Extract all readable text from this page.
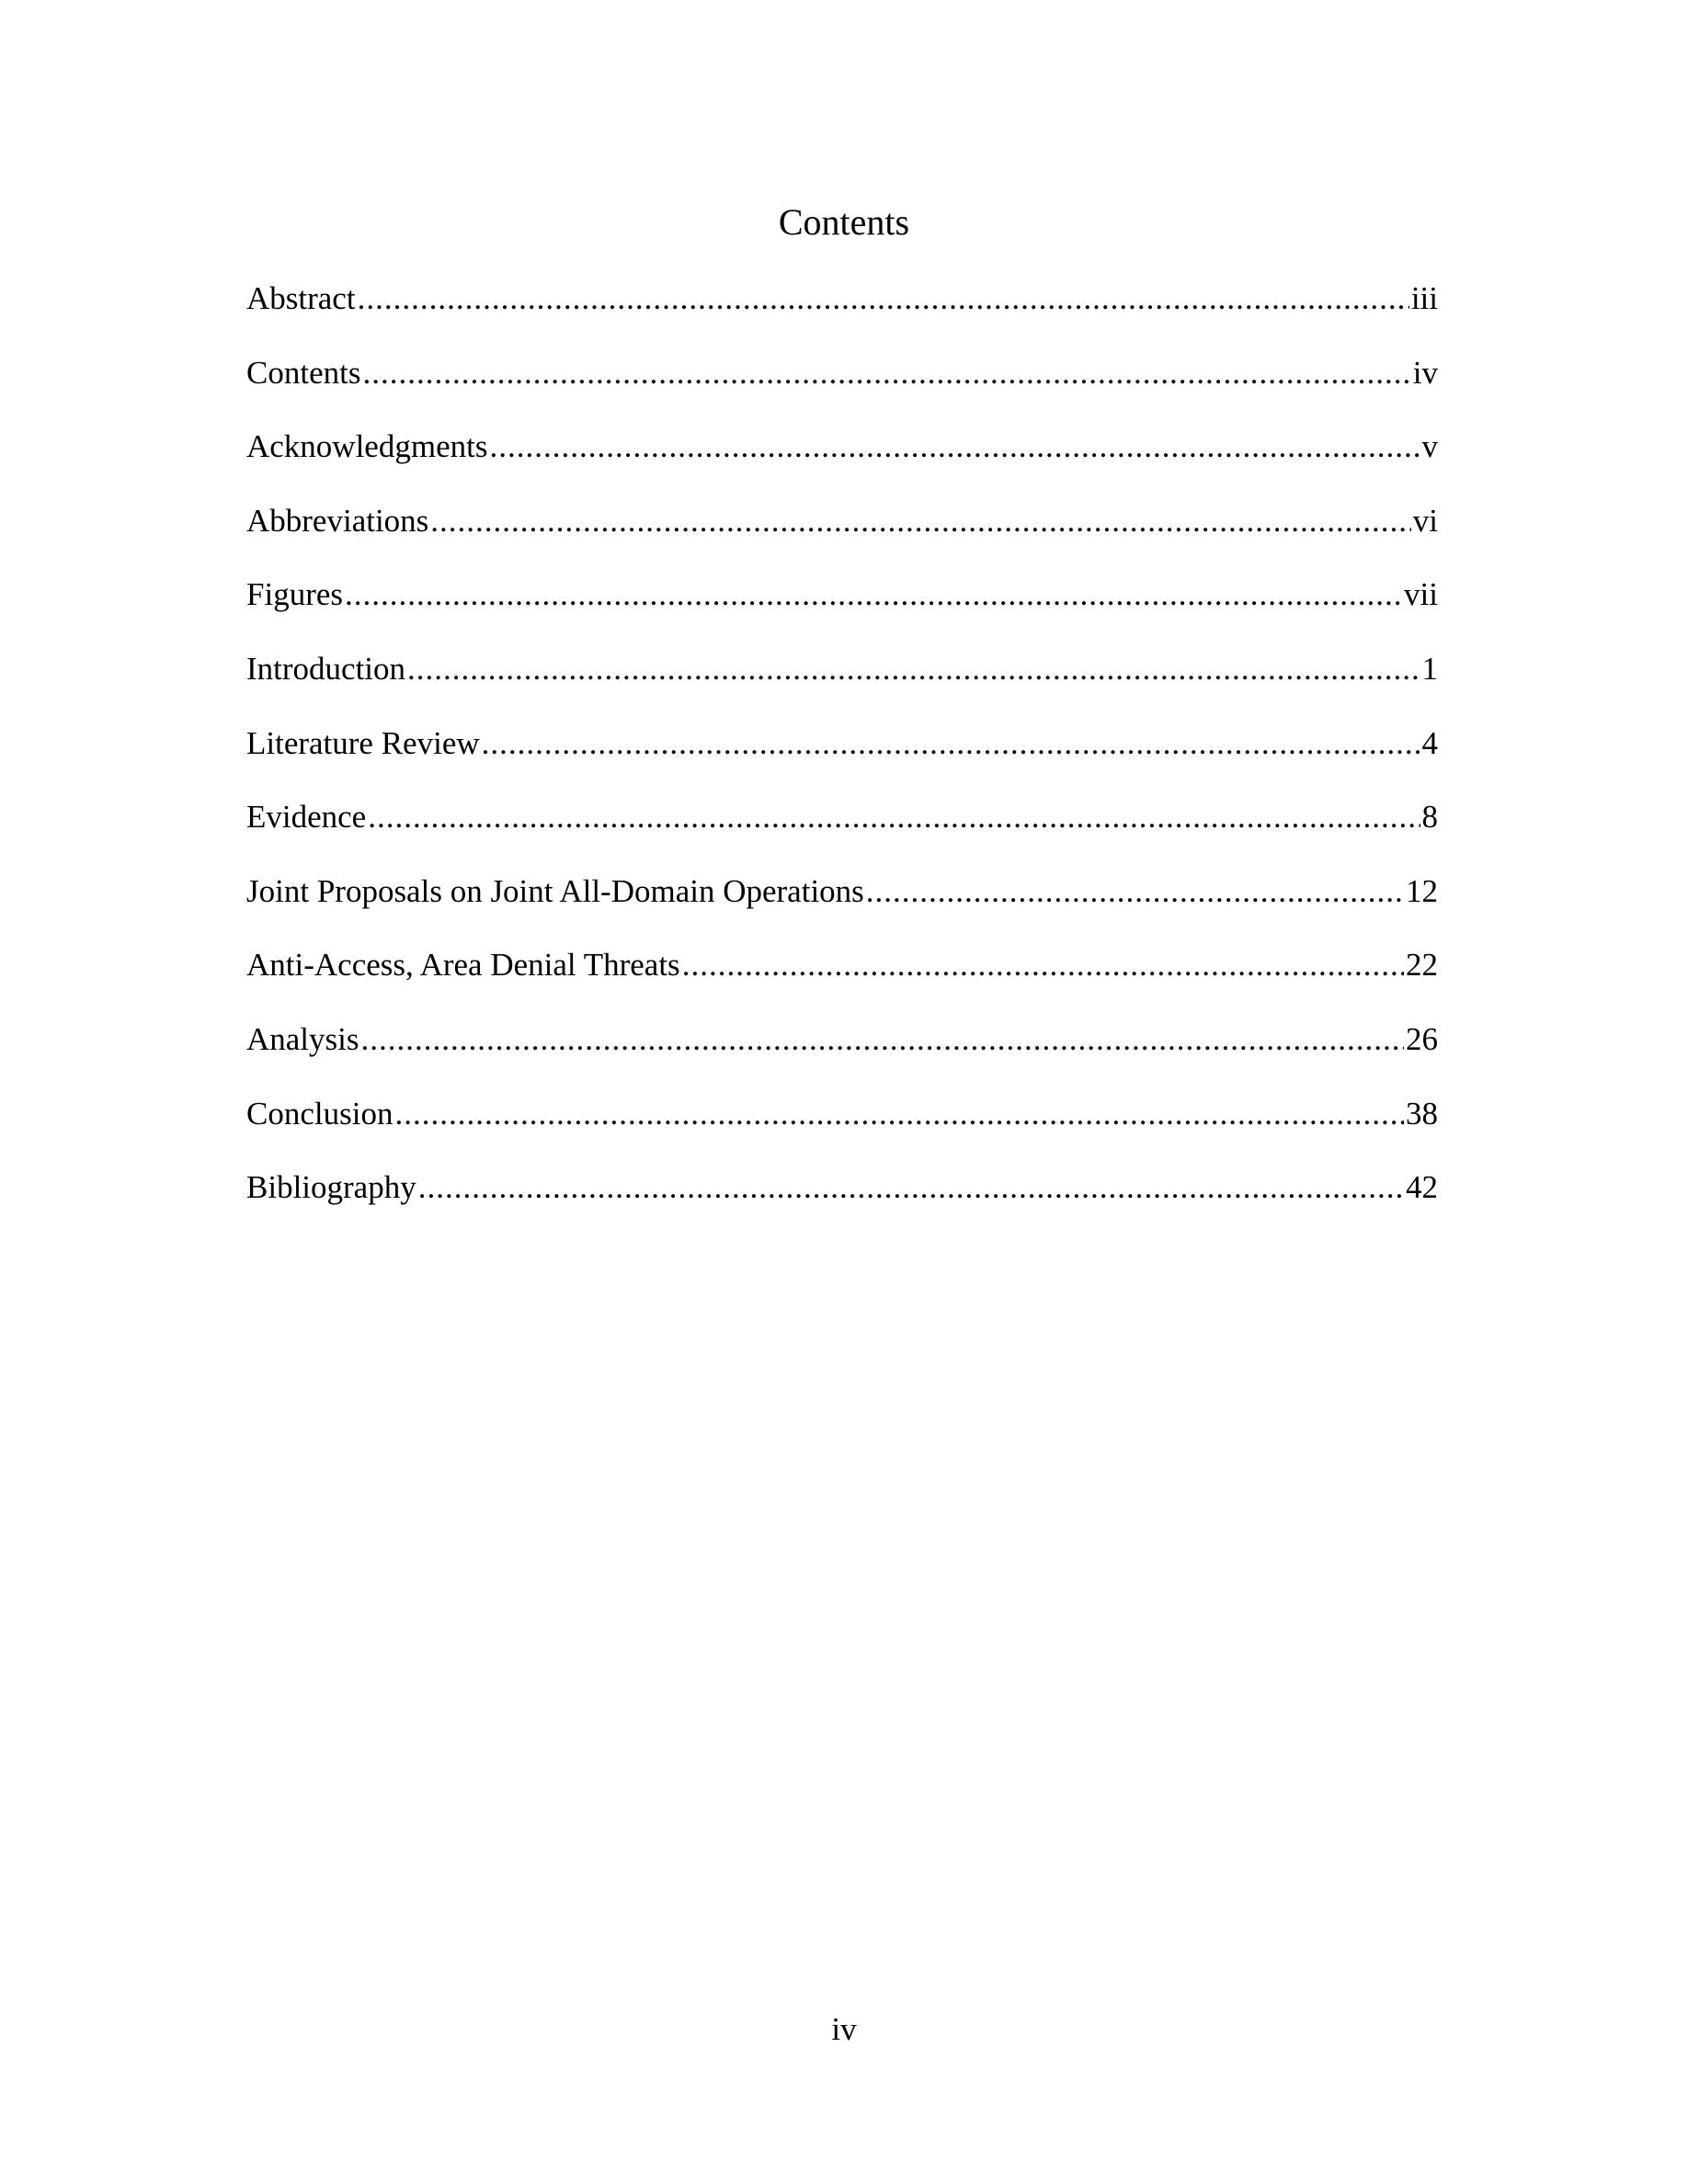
Contents
Abstract .....	iii
Contents .....	iv
Acknowledgments .....	v
Abbreviations .....	vi
Figures .....	vii
Introduction .....	1
Literature Review .....	4
Evidence .....	8
Joint Proposals on Joint All-Domain Operations .....	12
Anti-Access, Area Denial Threats .....	22
Analysis .....	26
Conclusion .....	38
Bibliography .....	42
iv
